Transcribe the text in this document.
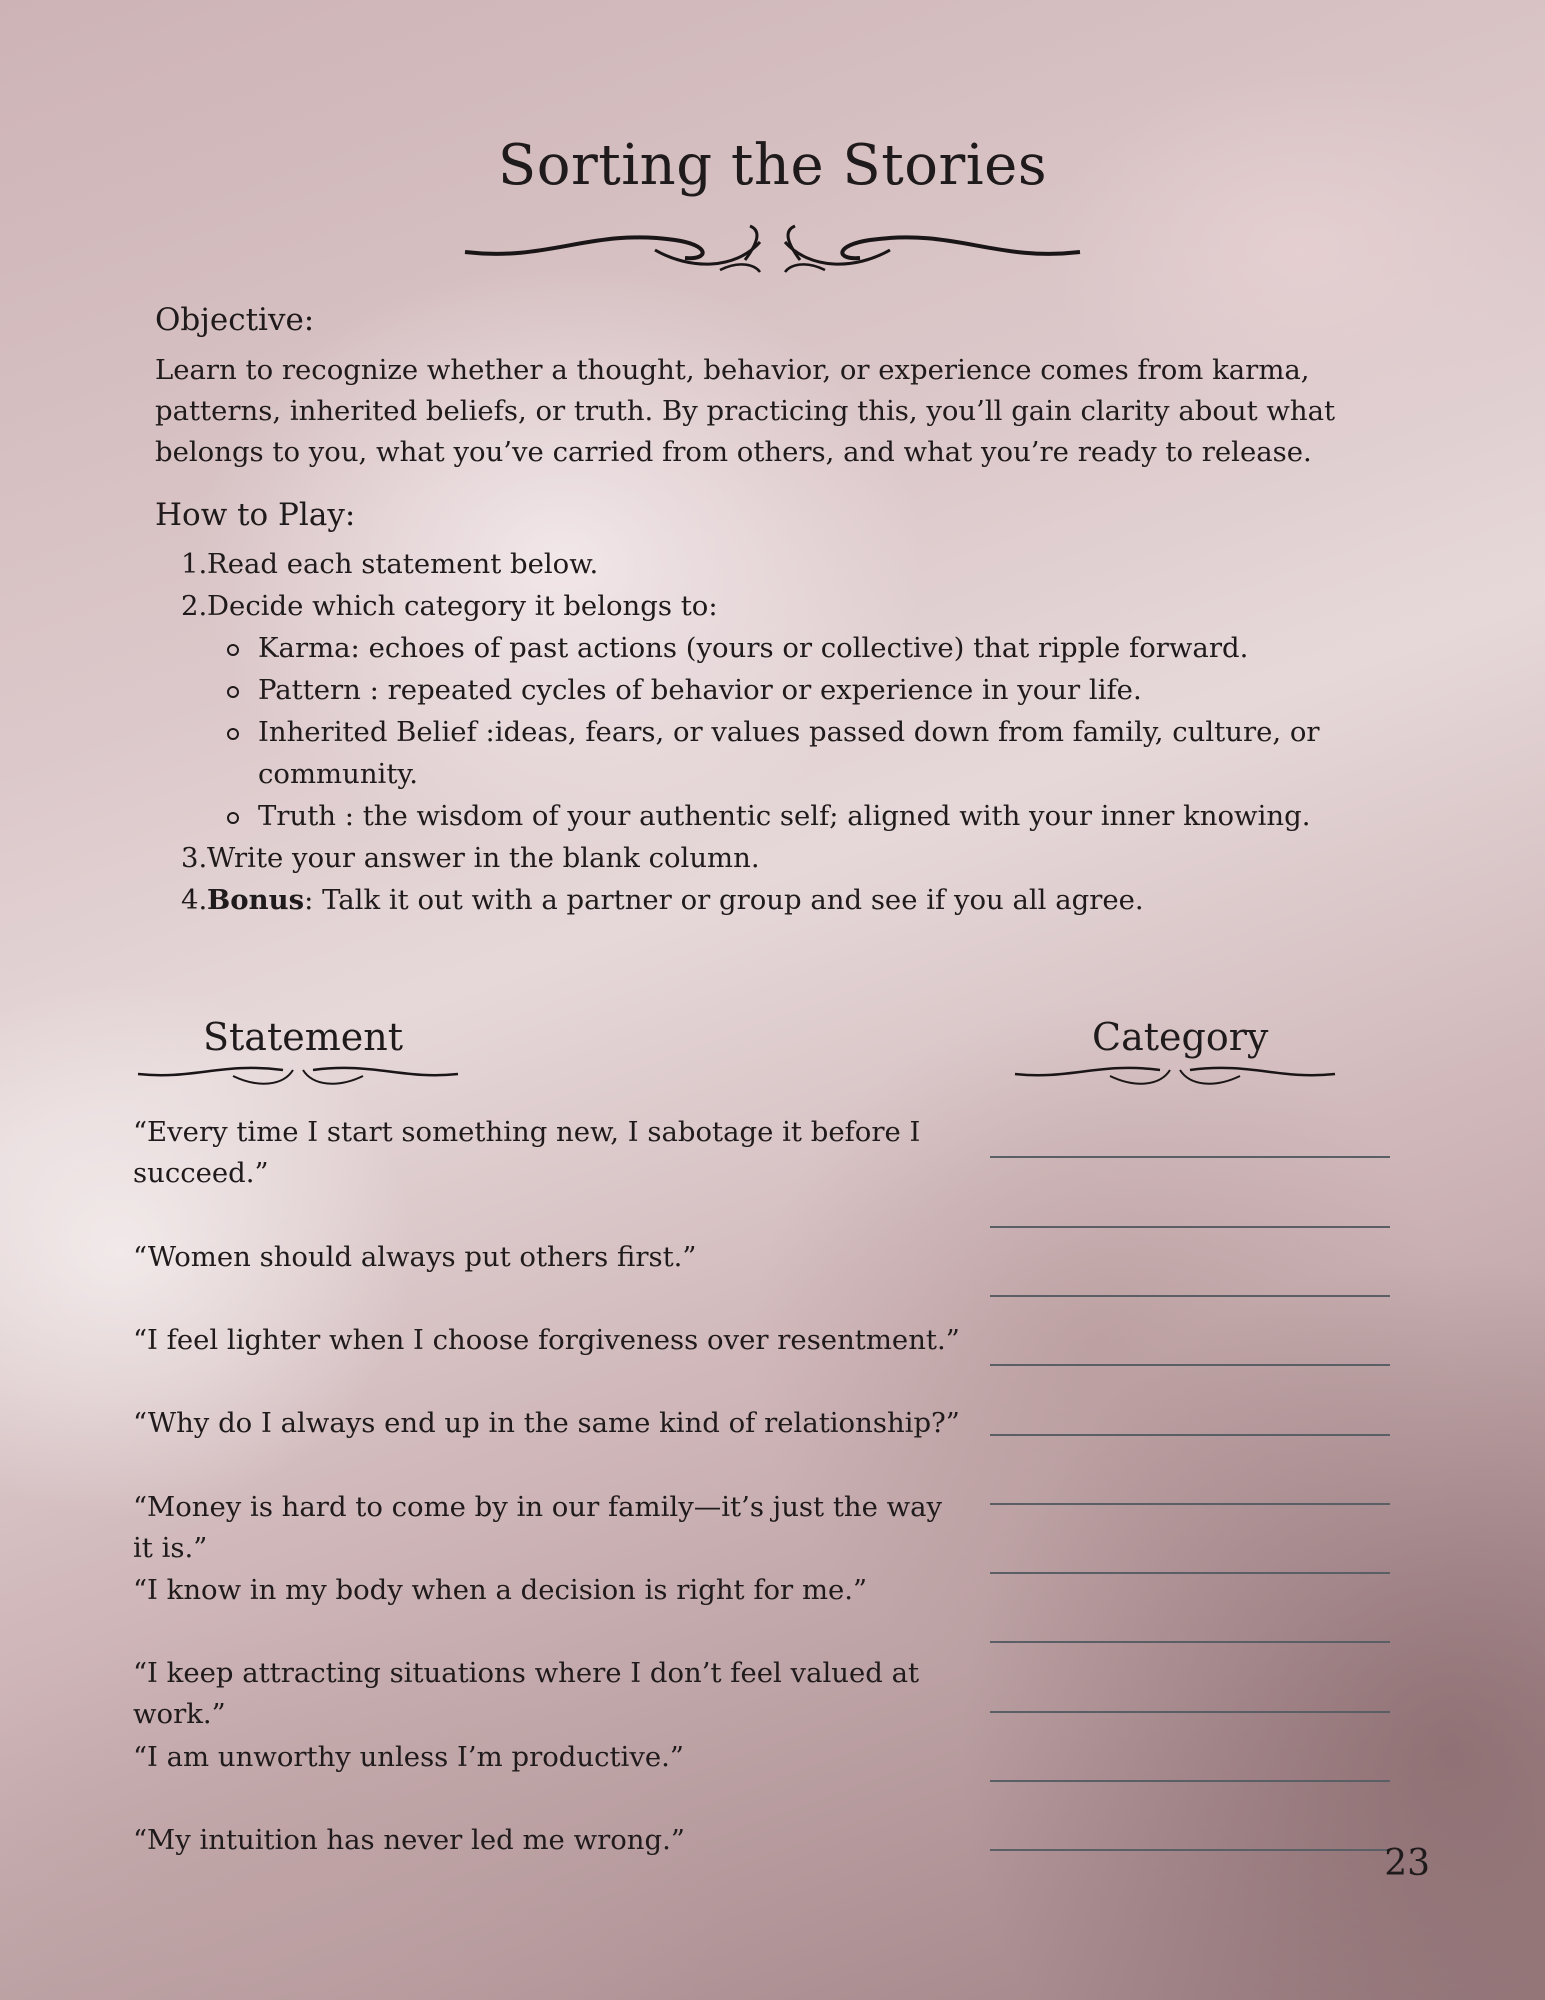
Sorting the Stories
Objective:

Learn to recognize whether a thought, behavior, or experience comes from karma, patterns, inherited beliefs, or truth. By practicing this, you’ll gain clarity about what belongs to you, what you’ve carried from others, and what you’re ready to release.

How to Play:
1. Read each statement below.
2. Decide which category it belongs to:
Karma: echoes of past actions (yours or collective) that ripple forward.
Pattern : repeated cycles of behavior or experience in your life.
Inherited Belief :ideas, fears, or values passed down from family, culture, or community.
Truth : the wisdom of your authentic self; aligned with your inner knowing.
3. Write your answer in the blank column.
4. Bonus: Talk it out with a partner or group and see if you all agree.
Statement	Category

“Every time I start something new, I sabotage it before I succeed.”

“Women should always put others first.”

“I feel lighter when I choose forgiveness over resentment.”

“Why do I always end up in the same kind of relationship?”

“Money is hard to come by in our family—it’s just the way it is.”

“I know in my body when a decision is right for me.”

“I keep attracting situations where I don’t feel valued at work.”

“I am unworthy unless I’m productive.”

“My intuition has never led me wrong.”

23
